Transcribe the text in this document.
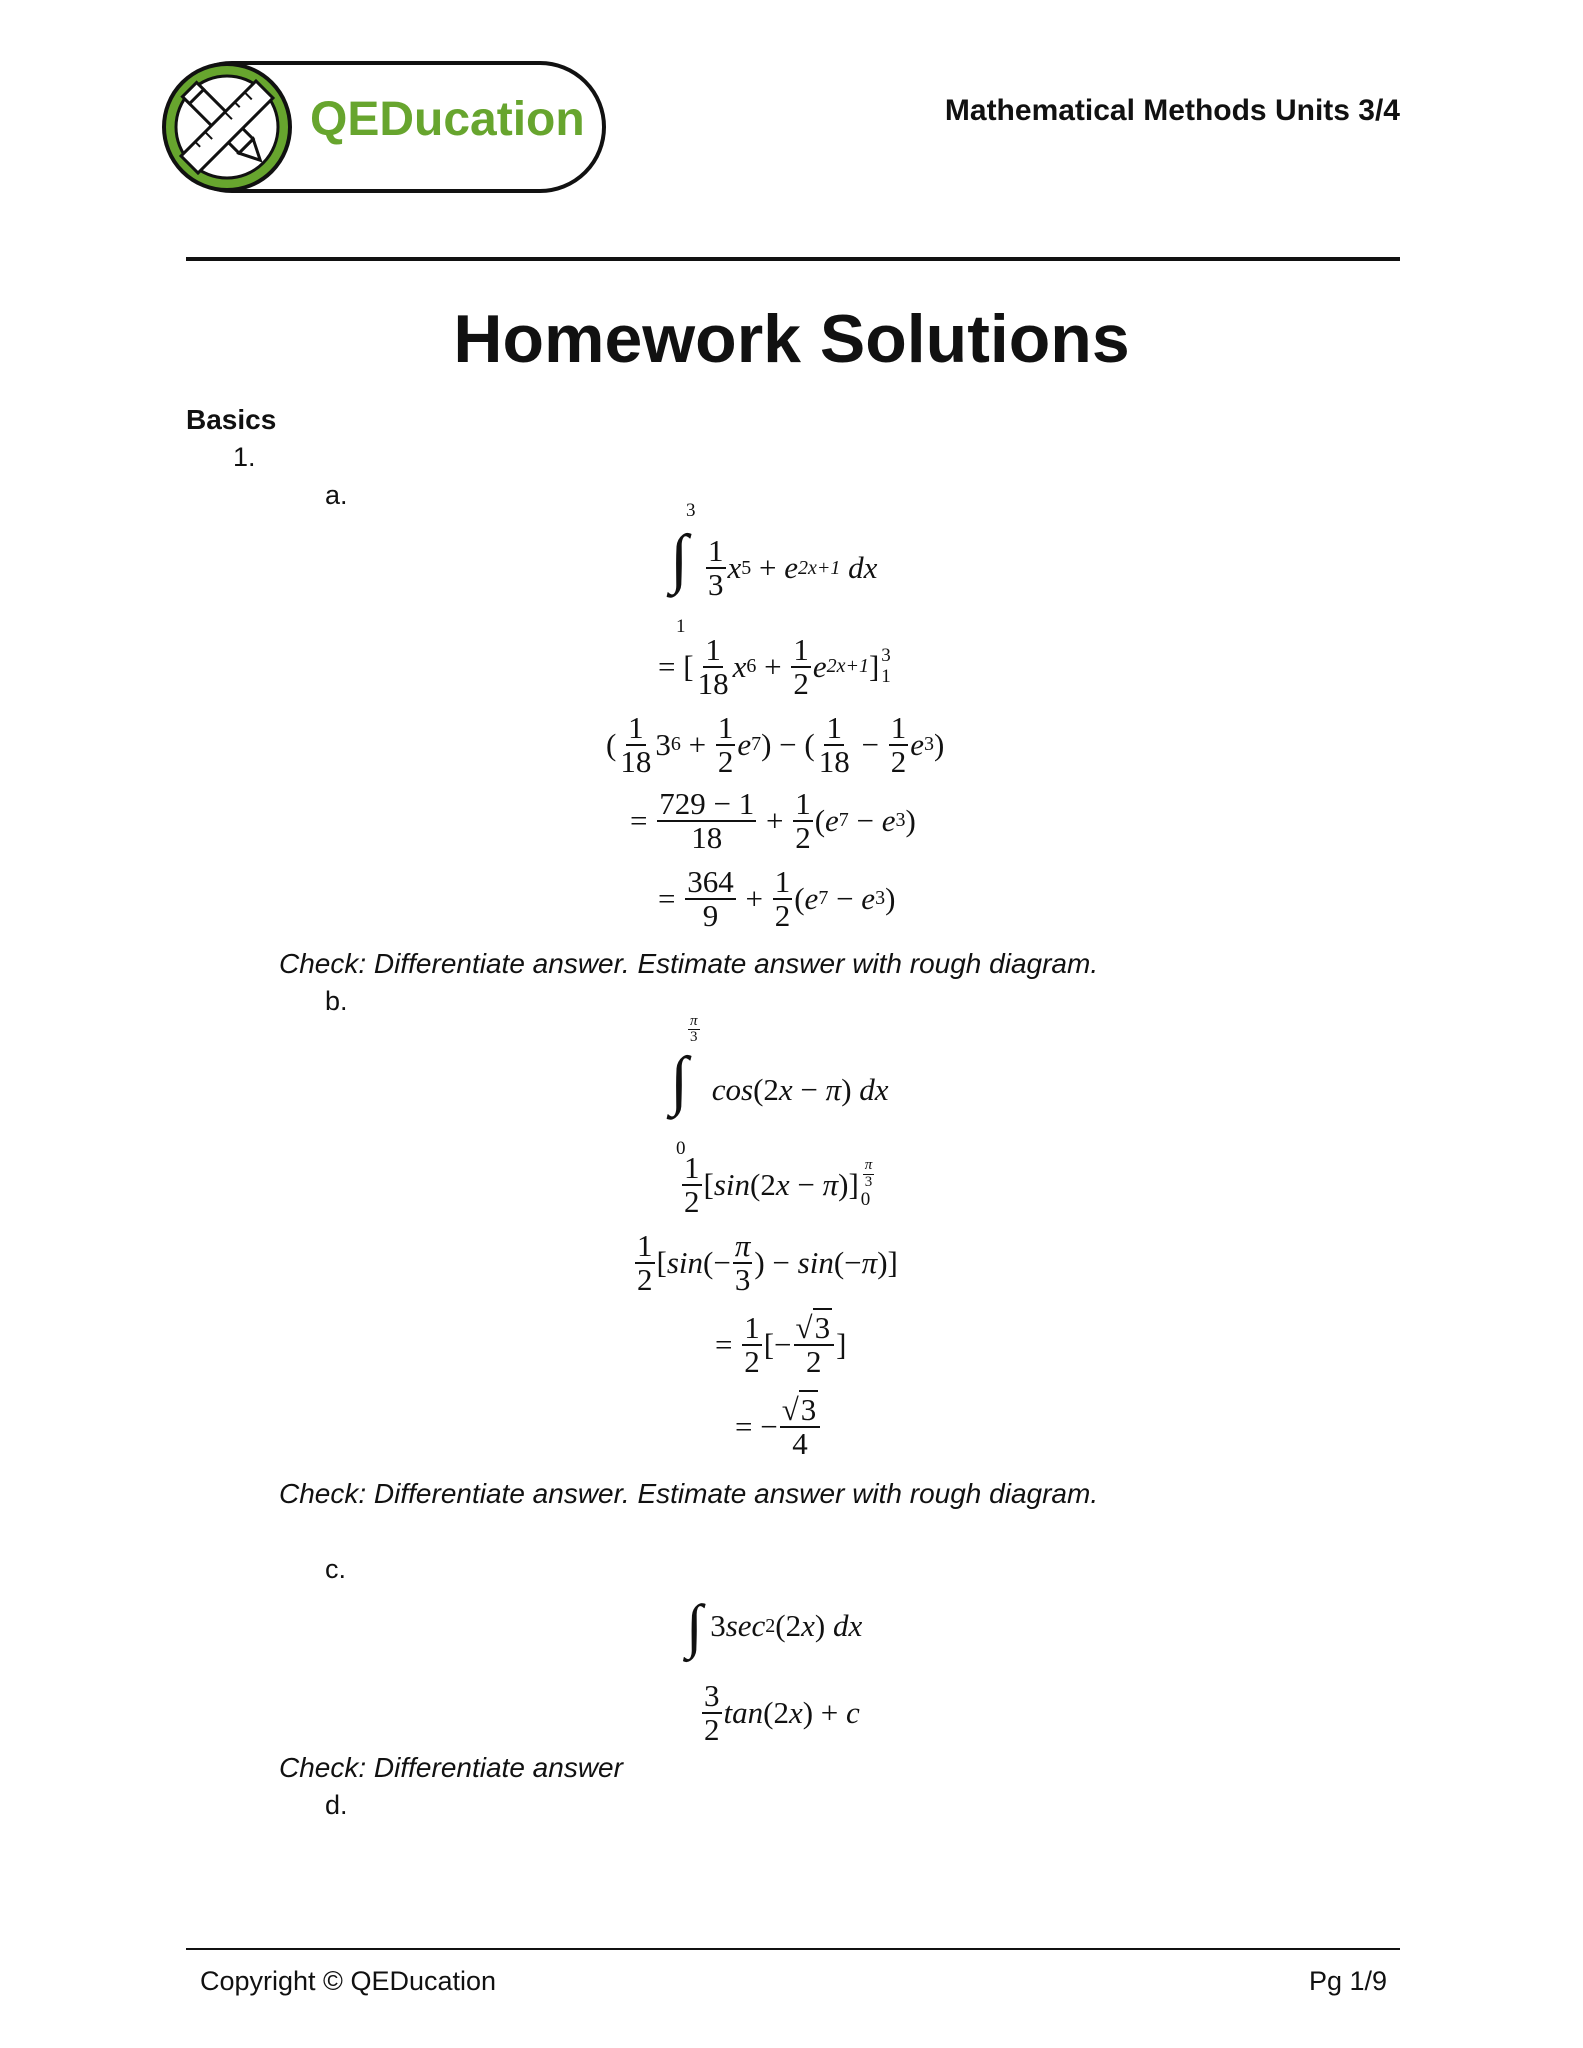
QEDucation	Mathematical Methods Units 3/4
Homework Solutions
Basics
1.
a.
∫
3
1
$\frac{1}{3}$ x 5 + e 2x+1
dx
= [ $\frac{1}{18}$ x $6 + \frac{1}{2}$ e 2x+1 ] 3
1
( $\frac{1}{18} 3$ $6 + \frac{1}{2}$ e 7 ) − ( $\frac{1}{18} - \frac{1}{2}$ e 3 )
= $\frac{729 - 1}{18} + \frac{1}{2}$ ( e 7 − e 3 )
= $\frac{364}{9} + \frac{1}{2}$ ( e 7 − e 3 )
Check: Differentiate answer. Estimate answer with rough diagram.
b.
∫
$\frac{\pi}{3}$
0

cos (2 x − π ) dx
$\frac{1}{2}$ [ sin (2 x − π )] $\frac{\pi}{3}$
0
$\frac{1}{2}$ [ sin (− $\frac{\pi}{3}$ ) − sin (− π )]
= $\frac{1}{2}$ [− $\frac{√3}{2}$ ]
= − $\frac{√3}{4}$
Check: Differentiate answer. Estimate answer with rough diagram.
c.
∫ 3 sec 2 (2 x ) dx
$\frac{3}{2}$ tan (2 x ) + c
Check: Differentiate answer
d.
Copyright © QEDucation	Pg 1/9
